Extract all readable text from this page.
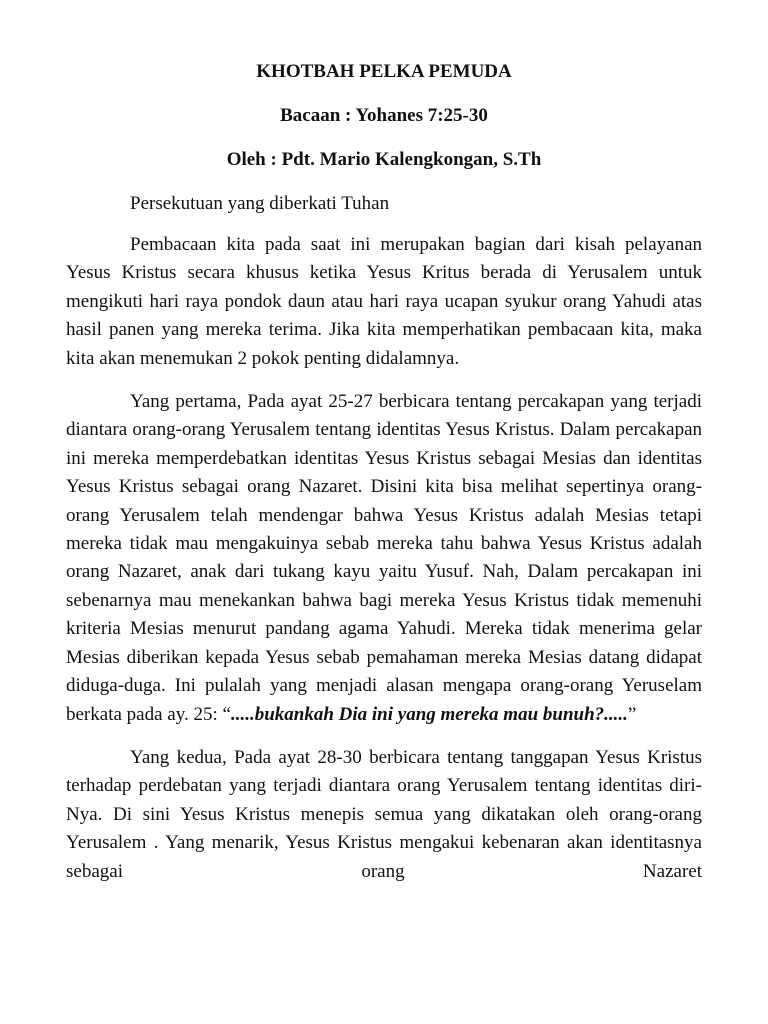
KHOTBAH PELKA PEMUDA
Bacaan : Yohanes 7:25-30
Oleh : Pdt. Mario Kalengkongan, S.Th
Persekutuan yang diberkati Tuhan

Pembacaan kita pada saat ini merupakan bagian dari kisah pelayanan Yesus Kristus secara khusus ketika Yesus Kritus berada di Yerusalem untuk mengikuti hari raya pondok daun atau hari raya ucapan syukur orang Yahudi atas hasil panen yang mereka terima. Jika kita memperhatikan pembacaan kita, maka kita akan menemukan 2 pokok penting didalamnya.

Yang pertama, Pada ayat 25-27 berbicara tentang percakapan yang terjadi diantara orang-orang Yerusalem tentang identitas Yesus Kristus. Dalam percakapan ini mereka memperdebatkan identitas Yesus Kristus sebagai Mesias dan identitas Yesus Kristus sebagai orang Nazaret. Disini kita bisa melihat sepertinya orang-orang Yerusalem telah mendengar bahwa Yesus Kristus adalah Mesias tetapi mereka tidak mau mengakuinya sebab mereka tahu bahwa Yesus Kristus adalah orang Nazaret, anak dari tukang kayu yaitu Yusuf. Nah, Dalam percakapan ini sebenarnya mau menekankan bahwa bagi mereka Yesus Kristus tidak memenuhi kriteria Mesias menurut pandang agama Yahudi. Mereka tidak menerima gelar Mesias diberikan kepada Yesus sebab pemahaman mereka Mesias datang didapat diduga-duga. Ini pulalah yang menjadi alasan mengapa orang-orang Yeruselam berkata pada ay. 25: “.....bukankah Dia ini yang mereka mau bunuh?.....”

Yang kedua, Pada ayat 28-30 berbicara tentang tanggapan Yesus Kristus terhadap perdebatan yang terjadi diantara orang Yerusalem tentang identitas diri-Nya. Di sini Yesus Kristus menepis semua yang dikatakan oleh orang-orang Yerusalem . Yang menarik, Yesus Kristus mengakui kebenaran akan identitasnya sebagai orang Nazaret
